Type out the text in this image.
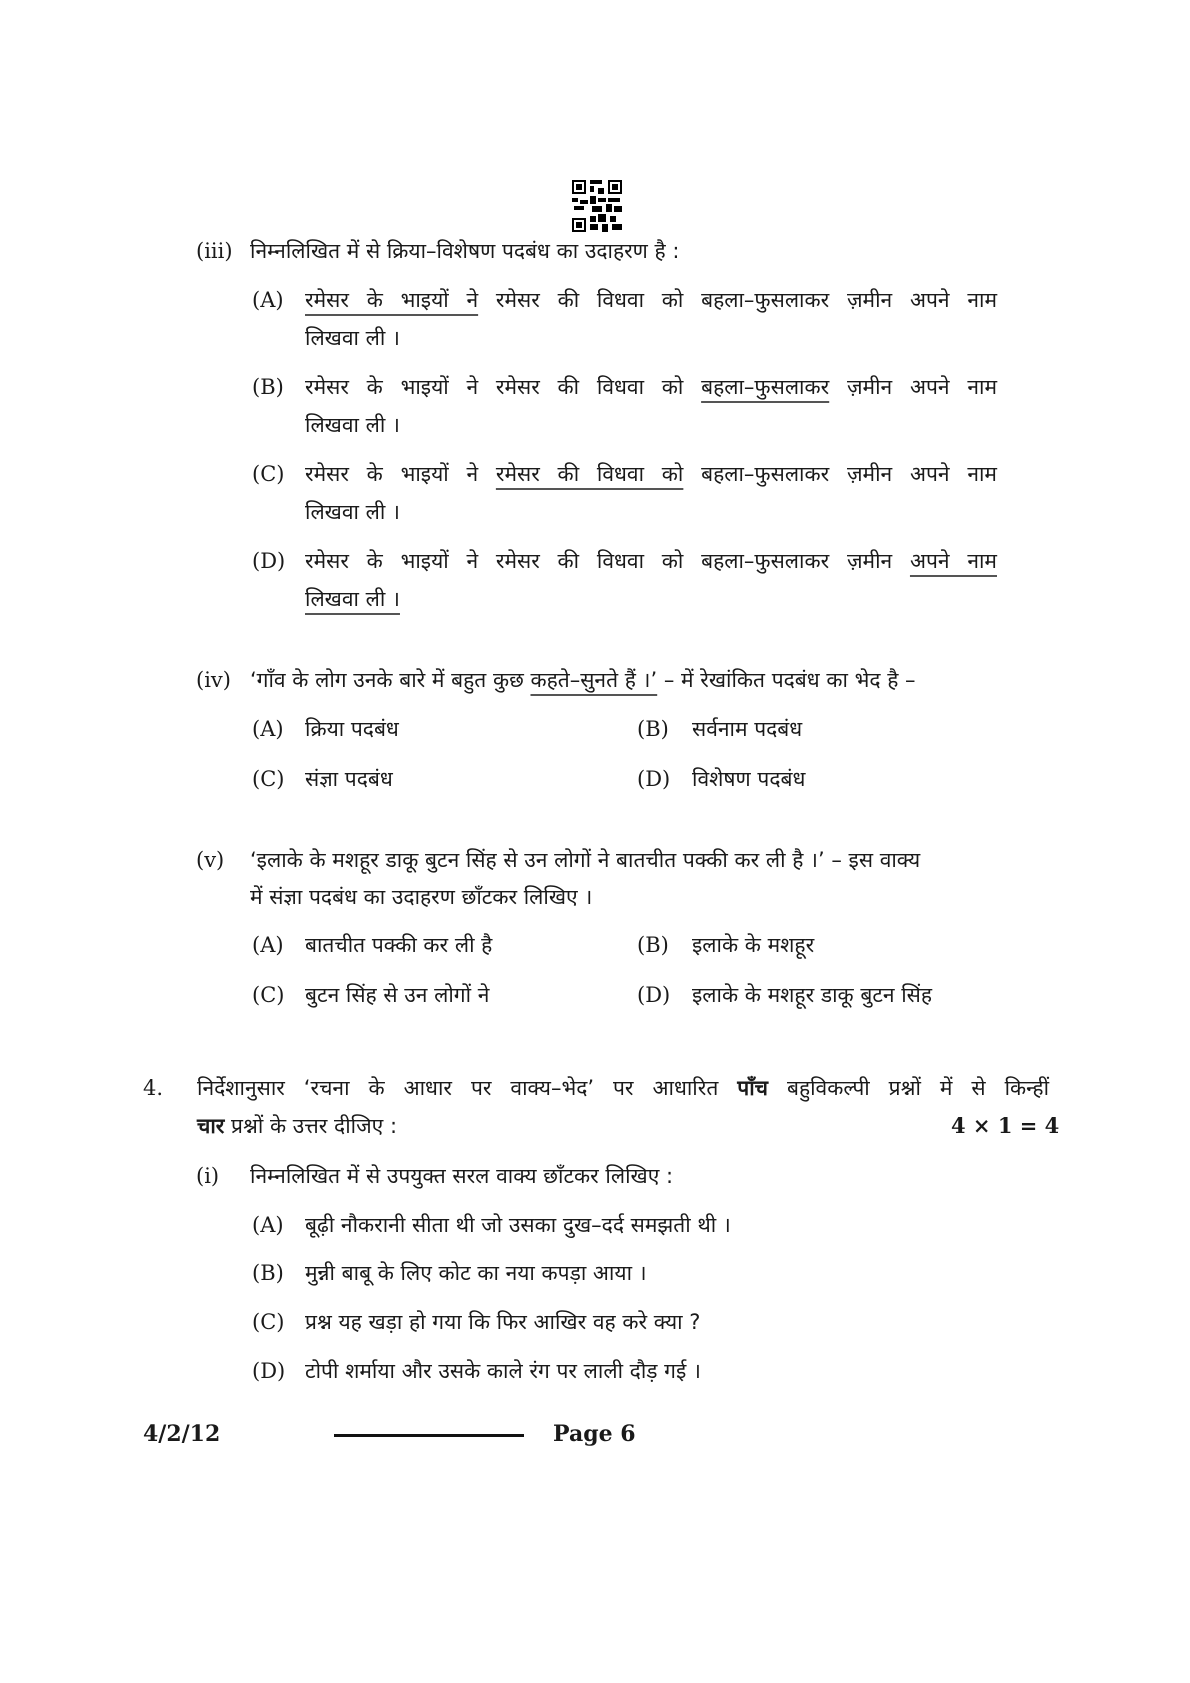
(iii) निम्नलिखित में से क्रिया–विशेषण पदबंध का उदाहरण है :
(A) रमेसर के भाइयों ने रमेसर की विधवा को बहला–फुसलाकर ज़मीन अपने नाम
लिखवा ली ।
(B) रमेसर के भाइयों ने रमेसर की विधवा को बहला–फुसलाकर ज़मीन अपने नाम
लिखवा ली ।
(C) रमेसर के भाइयों ने रमेसर की विधवा को बहला–फुसलाकर ज़मीन अपने नाम
लिखवा ली ।
(D) रमेसर के भाइयों ने रमेसर की विधवा को बहला–फुसलाकर ज़मीन अपने नाम
लिखवा ली ।
(iv) ‘गाँव के लोग उनके बारे में बहुत कुछ कहते–सुनते हैं ।’ – में रेखांकित पदबंध का भेद है –
(A) क्रिया पदबंध	(B) सर्वनाम पदबंध
(C) संज्ञा पदबंध	(D) विशेषण पदबंध
(v) ‘इलाके के मशहूर डाकू बुटन सिंह से उन लोगों ने बातचीत पक्की कर ली है ।’ – इस वाक्य
में संज्ञा पदबंध का उदाहरण छाँटकर लिखिए ।
(A) बातचीत पक्की कर ली है	(B) इलाके के मशहूर
(C) बुटन सिंह से उन लोगों ने	(D) इलाके के मशहूर डाकू बुटन सिंह
4. निर्देशानुसार ‘रचना के आधार पर वाक्य–भेद’ पर आधारित पाँच बहुविकल्पी प्रश्नों में से किन्हीं
चार प्रश्नों के उत्तर दीजिए :	4 × 1 = 4
(i) निम्नलिखित में से उपयुक्त सरल वाक्य छाँटकर लिखिए :
(A) बूढ़ी नौकरानी सीता थी जो उसका दुख–दर्द समझती थी ।
(B) मुन्नी बाबू के लिए कोट का नया कपड़ा आया ।
(C) प्रश्न यह खड़ा हो गया कि फिर आखिर वह करे क्या ?
(D) टोपी शर्माया और उसके काले रंग पर लाली दौड़ गई ।
4/2/12	Page 6
